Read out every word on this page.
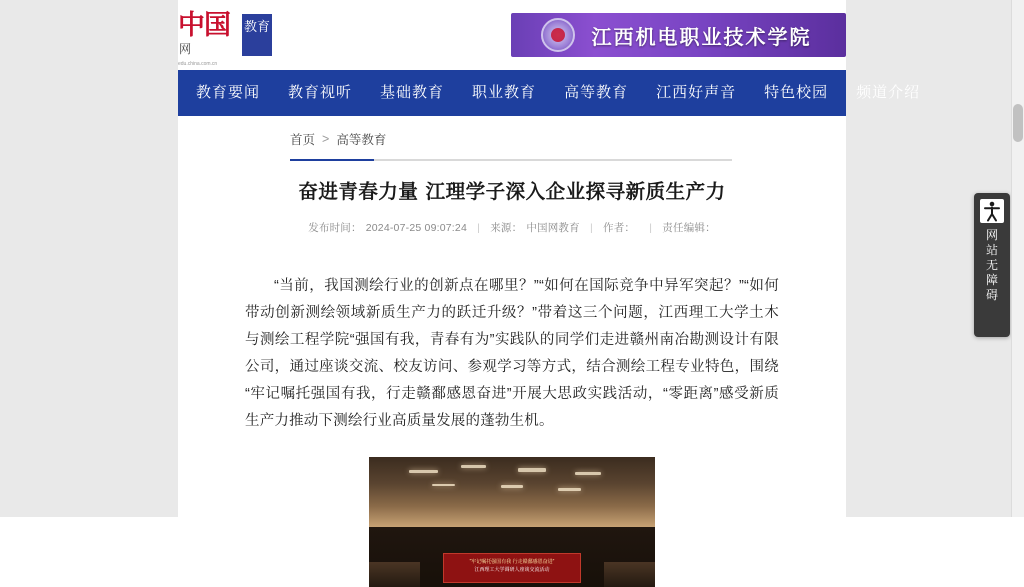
中国网
edu.china.com.cn
教育	江西机电职业技术学院
教育要闻	教育视听	基础教育	职业教育	高等教育	江西好声音	特色校园	频道介绍
首页 > 高等教育
奋进青春力量 江理学子深入企业探寻新质生产力
发布时间： 2024-07-25 09:07:24 | 来源： 中国网教育 | 作者： | 责任编辑：
“当前，我国测绘行业的创新点在哪里？”“如何在国际竞争中异军突起？”“如何带动创新测绘领域新质生产力的跃迁升级？”带着这三个问题，江西理工大学土木与测绘工程学院“强国有我，青春有为”实践队的同学们走进赣州南冶勘测设计有限公司，通过座谈交流、校友访问、参观学习等方式，结合测绘工程专业特色，围绕“牢记嘱托强国有我，行走赣鄱感恩奋进”开展大思政实践活动，“零距离”感受新质生产力推动下测绘行业高质量发展的蓬勃生机。
“牢记嘱托强国有我 行走赣鄱感恩奋进”
江西理工大学调研人座谈交流活动
网
站
无
障
碍
